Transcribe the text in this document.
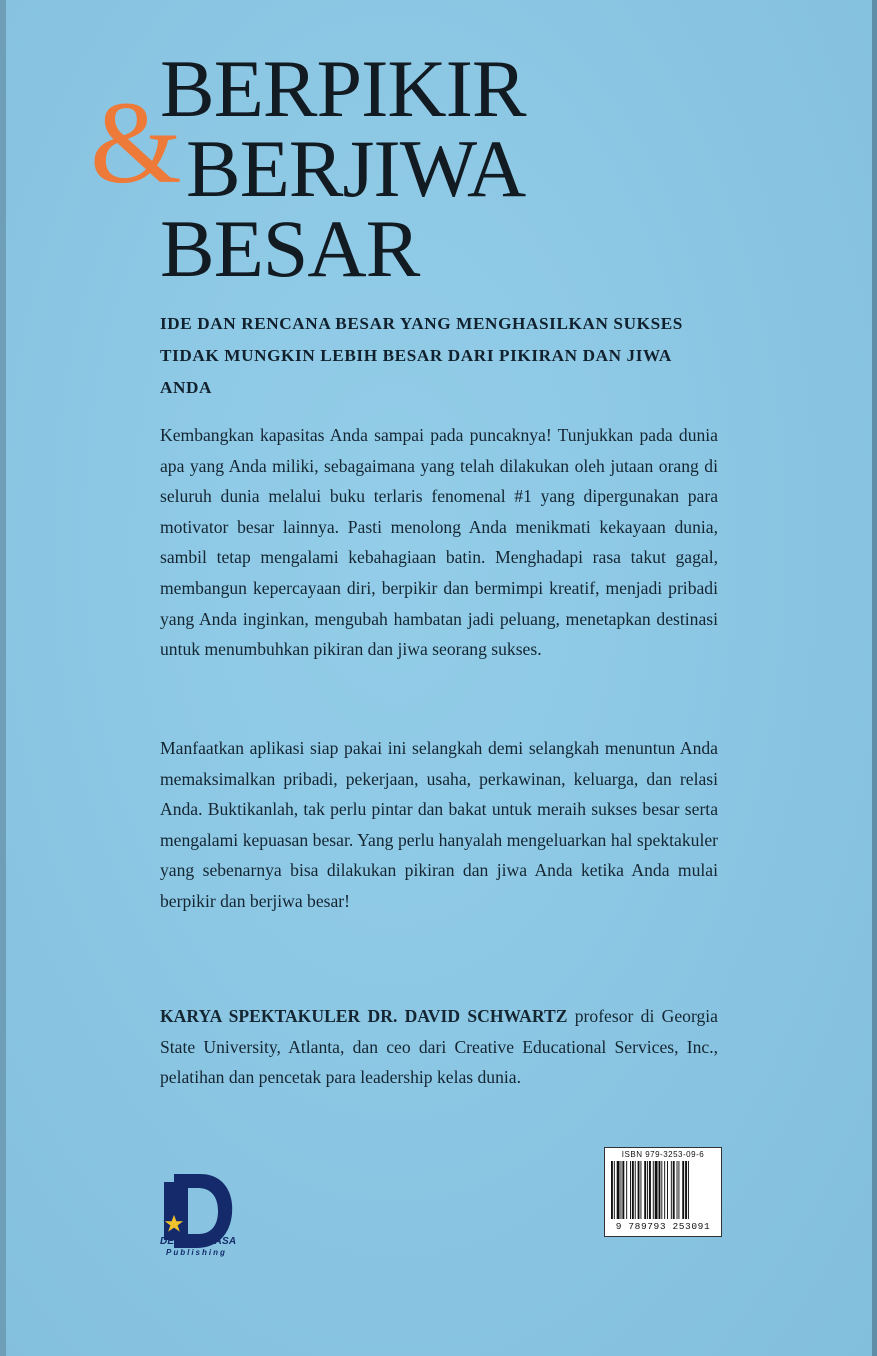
BERPIKIR
BERJIWA
BESAR
&
IDE DAN RENCANA BESAR YANG MENGHASILKAN SUKSES TIDAK MUNGKIN LEBIH BESAR DARI PIKIRAN DAN JIWA ANDA

Kembangkan kapasitas Anda sampai pada puncaknya! Tunjukkan pada dunia apa yang Anda miliki, sebagaimana yang telah dilakukan oleh jutaan orang di seluruh dunia melalui buku terlaris fenomenal #1 yang dipergunakan para motivator besar lainnya. Pasti menolong Anda menikmati kekayaan dunia, sambil tetap mengalami kebahagiaan batin. Menghadapi rasa takut gagal, membangun kepercayaan diri, berpikir dan bermimpi kreatif, menjadi pribadi yang Anda inginkan, mengubah hambatan jadi peluang, menetapkan destinasi untuk menumbuhkan pikiran dan jiwa seorang sukses.

Manfaatkan aplikasi siap pakai ini selangkah demi selangkah menuntun Anda memaksimalkan pribadi, pekerjaan, usaha, perkawinan, keluarga, dan relasi Anda. Buktikanlah, tak perlu pintar dan bakat untuk meraih sukses besar serta mengalami kepuasan besar. Yang perlu hanyalah mengeluarkan hal spektakuler yang sebenarnya bisa dilakukan pikiran dan jiwa Anda ketika Anda mulai berpikir dan berjiwa besar!

KARYA SPEKTAKULER DR. DAVID SCHWARTZ profesor di Georgia State University, Atlanta, dan ceo dari Creative Educational Services, Inc., pelatihan dan pencetak para leadership kelas dunia.

DELAPRATASA
Publishing
ISBN 979-3253-09-6
9 789793 253091
